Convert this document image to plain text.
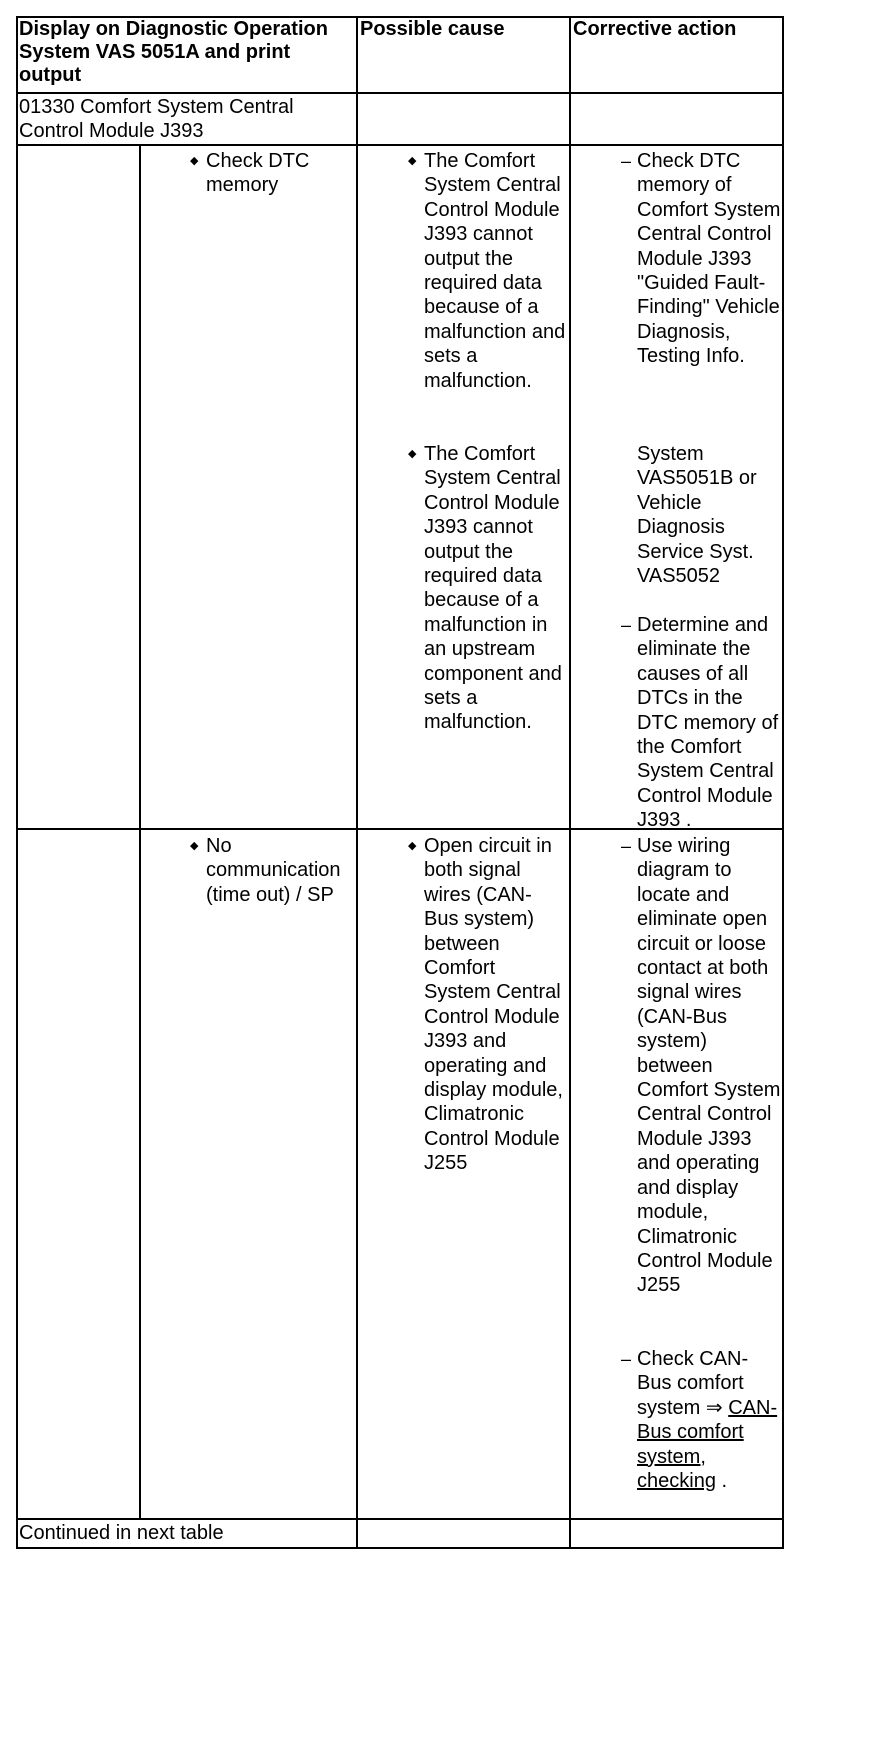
Display on Diagnostic Operation System VAS 5051A and print output
Possible cause	Corrective action
01330 Comfort System Central Control Module J393
◆ Check DTC memory
◆ The Comfort System Central Control Module J393 cannot output the required data because of a malfunction and sets a malfunction.
◆ The Comfort System Central Control Module J393 cannot output the required data because of a malfunction in an upstream component and sets a malfunction.
– Check DTC memory of Comfort System Central Control Module J393 "Guided Fault-Finding" Vehicle Diagnosis, Testing Info.
System VAS5051B or Vehicle Diagnosis Service Syst. VAS5052
– Determine and eliminate the causes of all DTCs in the DTC memory of the Comfort System Central Control Module J393 .
◆ No communication (time out) / SP
◆ Open circuit in both signal wires (CAN-Bus system) between Comfort System Central Control Module J393 and operating and display module, Climatronic Control Module J255
– Use wiring diagram to locate and eliminate open circuit or loose contact at both signal wires (CAN-Bus system) between Comfort System Central Control Module J393 and operating and display module, Climatronic Control Module J255
– Check CAN-Bus comfort system ⇒ CAN-Bus comfort system, checking .
Continued in next table
